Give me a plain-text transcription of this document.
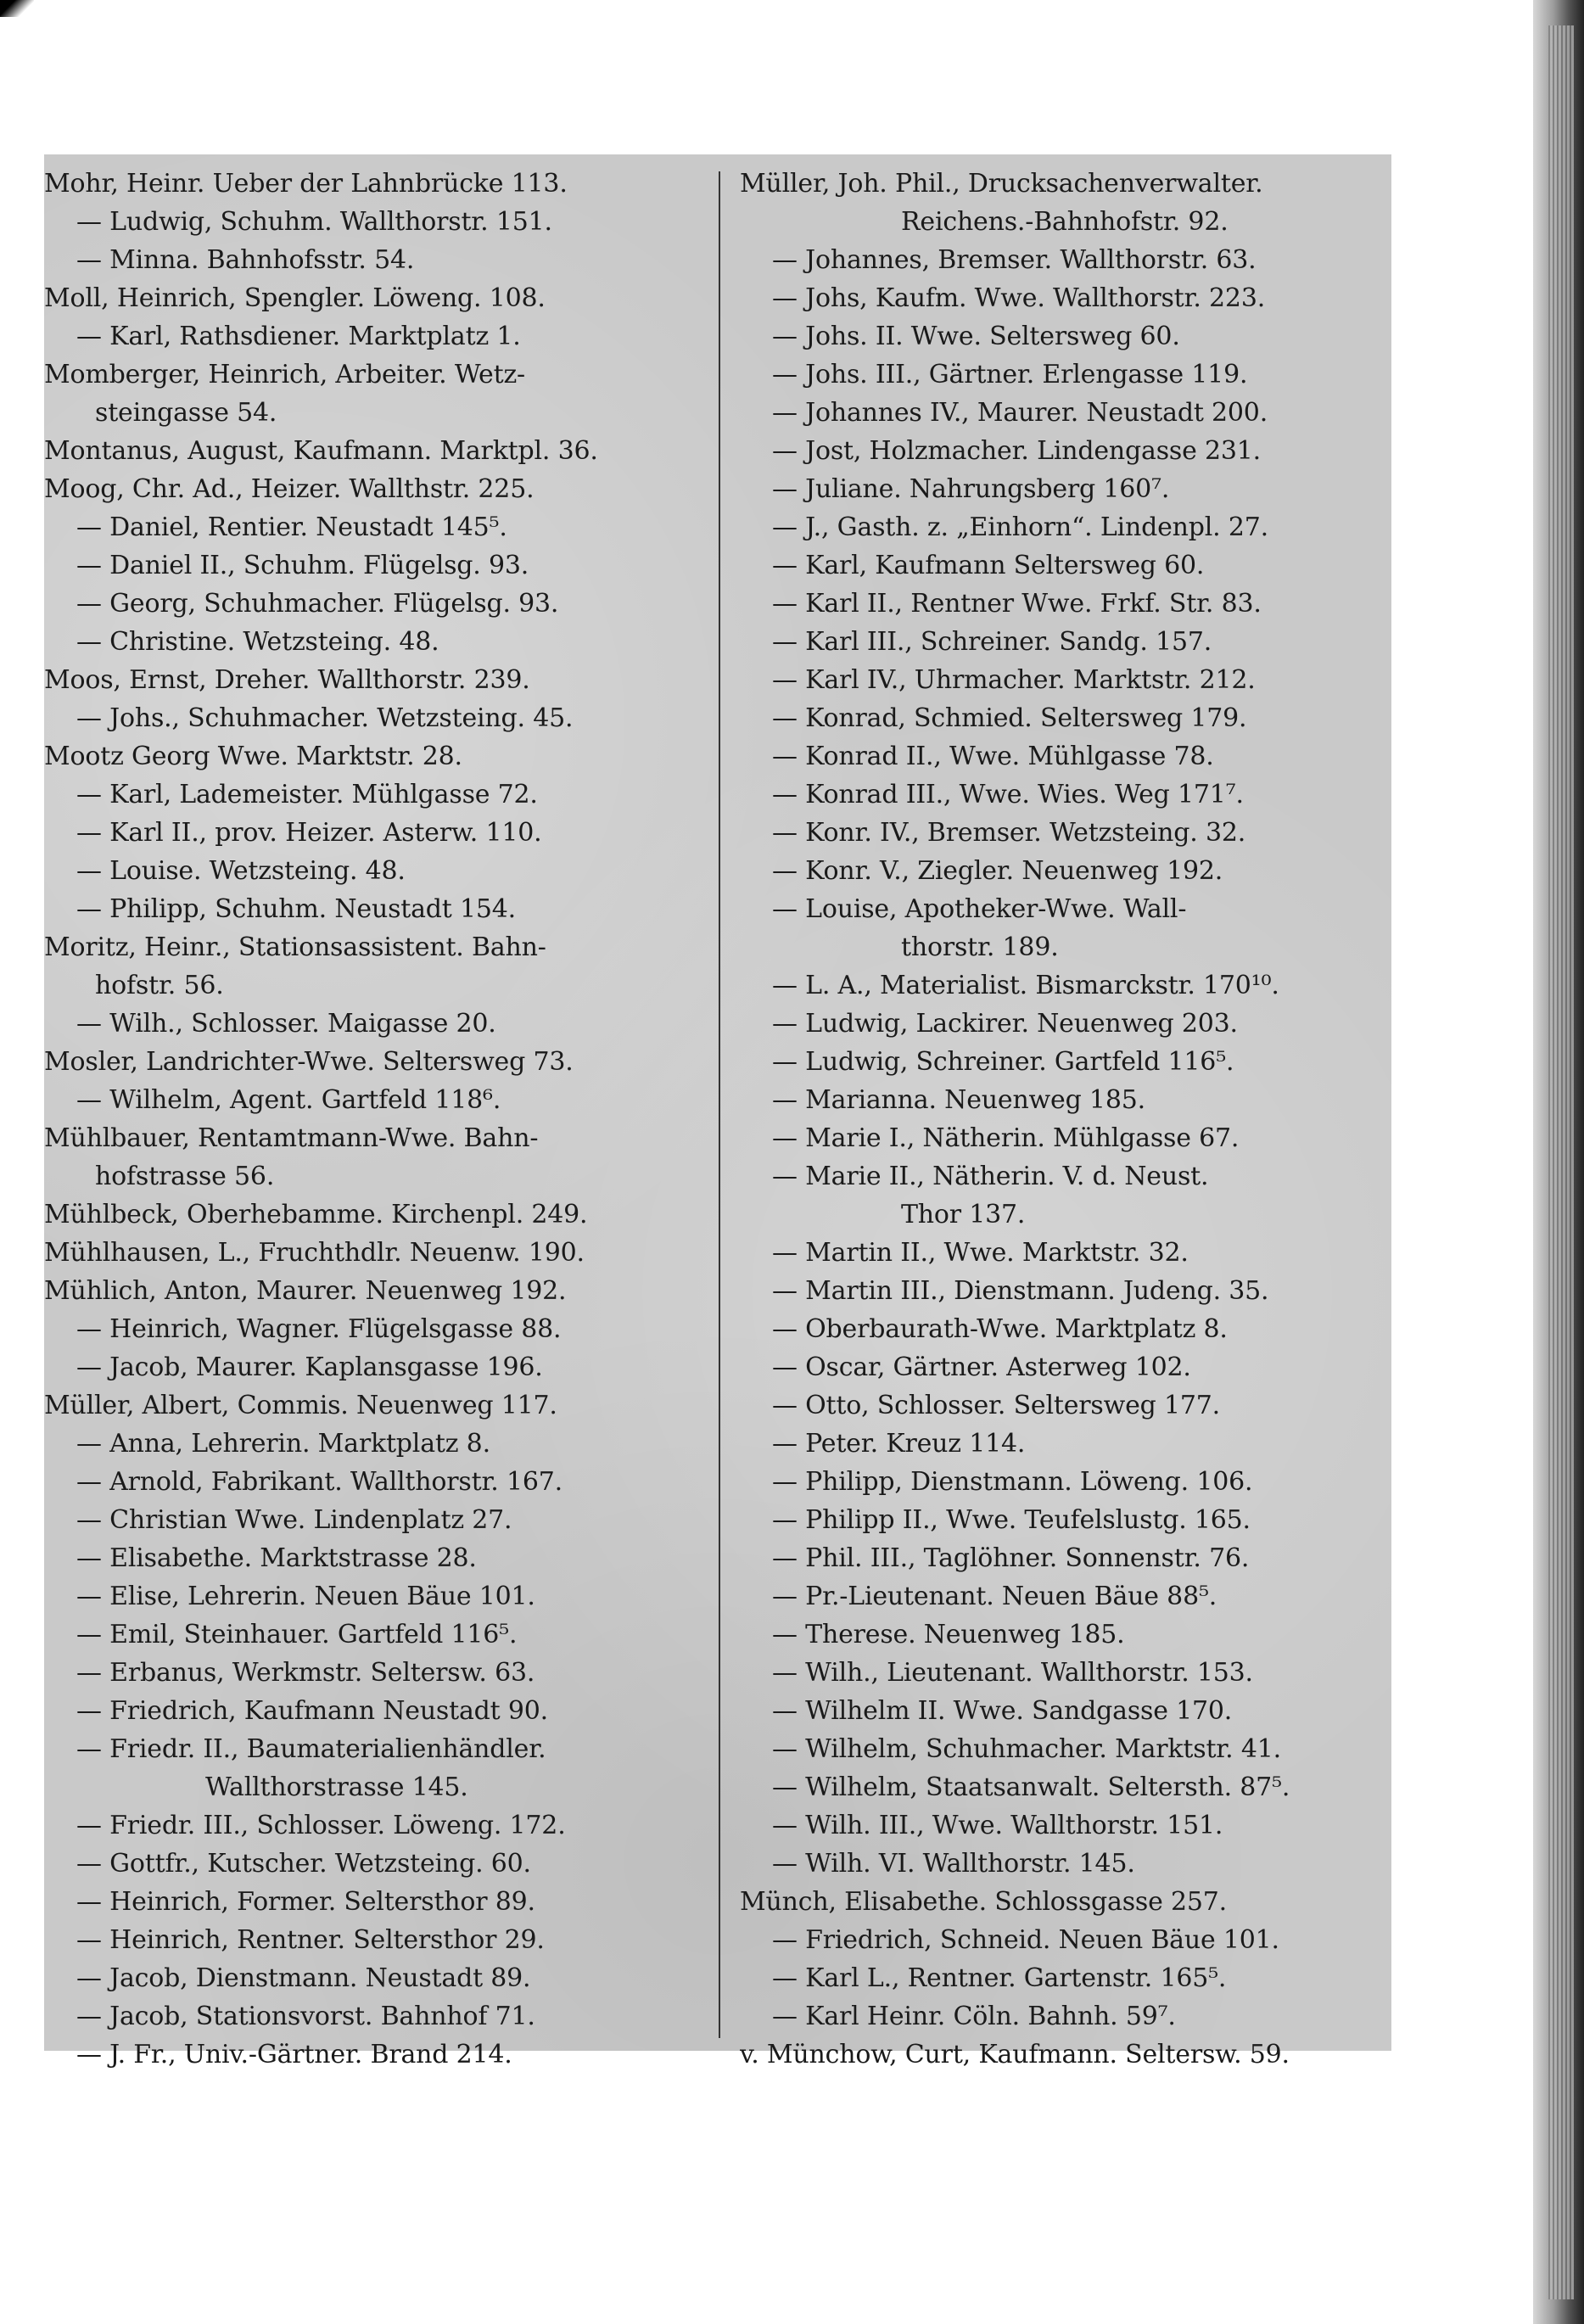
Mohr, Heinr. Ueber der Lahnbrücke 113.
— Ludwig, Schuhm. Wallthorstr. 151.
— Minna. Bahnhofsstr. 54.
Moll, Heinrich, Spengler. Löweng. 108.
— Karl, Rathsdiener. Marktplatz 1.
Momberger, Heinrich, Arbeiter. Wetz-
steingasse 54.
Montanus, August, Kaufmann. Marktpl. 36.
Moog, Chr. Ad., Heizer. Wallthstr. 225.
— Daniel, Rentier. Neustadt 145⁵.
— Daniel II., Schuhm. Flügelsg. 93.
— Georg, Schuhmacher. Flügelsg. 93.
— Christine. Wetzsteing. 48.
Moos, Ernst, Dreher. Wallthorstr. 239.
— Johs., Schuhmacher. Wetzsteing. 45.
Mootz Georg Wwe. Marktstr. 28.
— Karl, Lademeister. Mühlgasse 72.
— Karl II., prov. Heizer. Asterw. 110.
— Louise. Wetzsteing. 48.
— Philipp, Schuhm. Neustadt 154.
Moritz, Heinr., Stationsassistent. Bahn-
hofstr. 56.
— Wilh., Schlosser. Maigasse 20.
Mosler, Landrichter-Wwe. Seltersweg 73.
— Wilhelm, Agent. Gartfeld 118⁶.
Mühlbauer, Rentamtmann-Wwe. Bahn-
hofstrasse 56.
Mühlbeck, Oberhebamme. Kirchenpl. 249.
Mühlhausen, L., Fruchthdlr. Neuenw. 190.
Mühlich, Anton, Maurer. Neuenweg 192.
— Heinrich, Wagner. Flügelsgasse 88.
— Jacob, Maurer. Kaplansgasse 196.
Müller, Albert, Commis. Neuenweg 117.
— Anna, Lehrerin. Marktplatz 8.
— Arnold, Fabrikant. Wallthorstr. 167.
— Christian Wwe. Lindenplatz 27.
— Elisabethe. Marktstrasse 28.
— Elise, Lehrerin. Neuen Bäue 101.
— Emil, Steinhauer. Gartfeld 116⁵.
— Erbanus, Werkmstr. Seltersw. 63.
— Friedrich, Kaufmann Neustadt 90.
— Friedr. II., Baumaterialienhändler.
Wallthorstrasse 145.
— Friedr. III., Schlosser. Löweng. 172.
— Gottfr., Kutscher. Wetzsteing. 60.
— Heinrich, Former. Seltersthor 89.
— Heinrich, Rentner. Seltersthor 29.
— Jacob, Dienstmann. Neustadt 89.
— Jacob, Stationsvorst. Bahnhof 71.
— J. Fr., Univ.-Gärtner. Brand 214.
Müller, Joh. Phil., Drucksachenverwalter.
Reichens.-Bahnhofstr. 92.
— Johannes, Bremser. Wallthorstr. 63.
— Johs, Kaufm. Wwe. Wallthorstr. 223.
— Johs. II. Wwe. Seltersweg 60.
— Johs. III., Gärtner. Erlengasse 119.
— Johannes IV., Maurer. Neustadt 200.
— Jost, Holzmacher. Lindengasse 231.
— Juliane. Nahrungsberg 160⁷.
— J., Gasth. z. „Einhorn“. Lindenpl. 27.
— Karl, Kaufmann Seltersweg 60.
— Karl II., Rentner Wwe. Frkf. Str. 83.
— Karl III., Schreiner. Sandg. 157.
— Karl IV., Uhrmacher. Marktstr. 212.
— Konrad, Schmied. Seltersweg 179.
— Konrad II., Wwe. Mühlgasse 78.
— Konrad III., Wwe. Wies. Weg 171⁷.
— Konr. IV., Bremser. Wetzsteing. 32.
— Konr. V., Ziegler. Neuenweg 192.
— Louise, Apotheker-Wwe. Wall-
thorstr. 189.
— L. A., Materialist. Bismarckstr. 170¹⁰.
— Ludwig, Lackirer. Neuenweg 203.
— Ludwig, Schreiner. Gartfeld 116⁵.
— Marianna. Neuenweg 185.
— Marie I., Nätherin. Mühlgasse 67.
— Marie II., Nätherin. V. d. Neust.
Thor 137.
— Martin II., Wwe. Marktstr. 32.
— Martin III., Dienstmann. Judeng. 35.
— Oberbaurath-Wwe. Marktplatz 8.
— Oscar, Gärtner. Asterweg 102.
— Otto, Schlosser. Seltersweg 177.
— Peter. Kreuz 114.
— Philipp, Dienstmann. Löweng. 106.
— Philipp II., Wwe. Teufelslustg. 165.
— Phil. III., Taglöhner. Sonnenstr. 76.
— Pr.-Lieutenant. Neuen Bäue 88⁵.
— Therese. Neuenweg 185.
— Wilh., Lieutenant. Wallthorstr. 153.
— Wilhelm II. Wwe. Sandgasse 170.
— Wilhelm, Schuhmacher. Marktstr. 41.
— Wilhelm, Staatsanwalt. Seltersth. 87⁵.
— Wilh. III., Wwe. Wallthorstr. 151.
— Wilh. VI. Wallthorstr. 145.
Münch, Elisabethe. Schlossgasse 257.
— Friedrich, Schneid. Neuen Bäue 101.
— Karl L., Rentner. Gartenstr. 165⁵.
— Karl Heinr. Cöln. Bahnh. 59⁷.
v. Münchow, Curt, Kaufmann. Seltersw. 59.
